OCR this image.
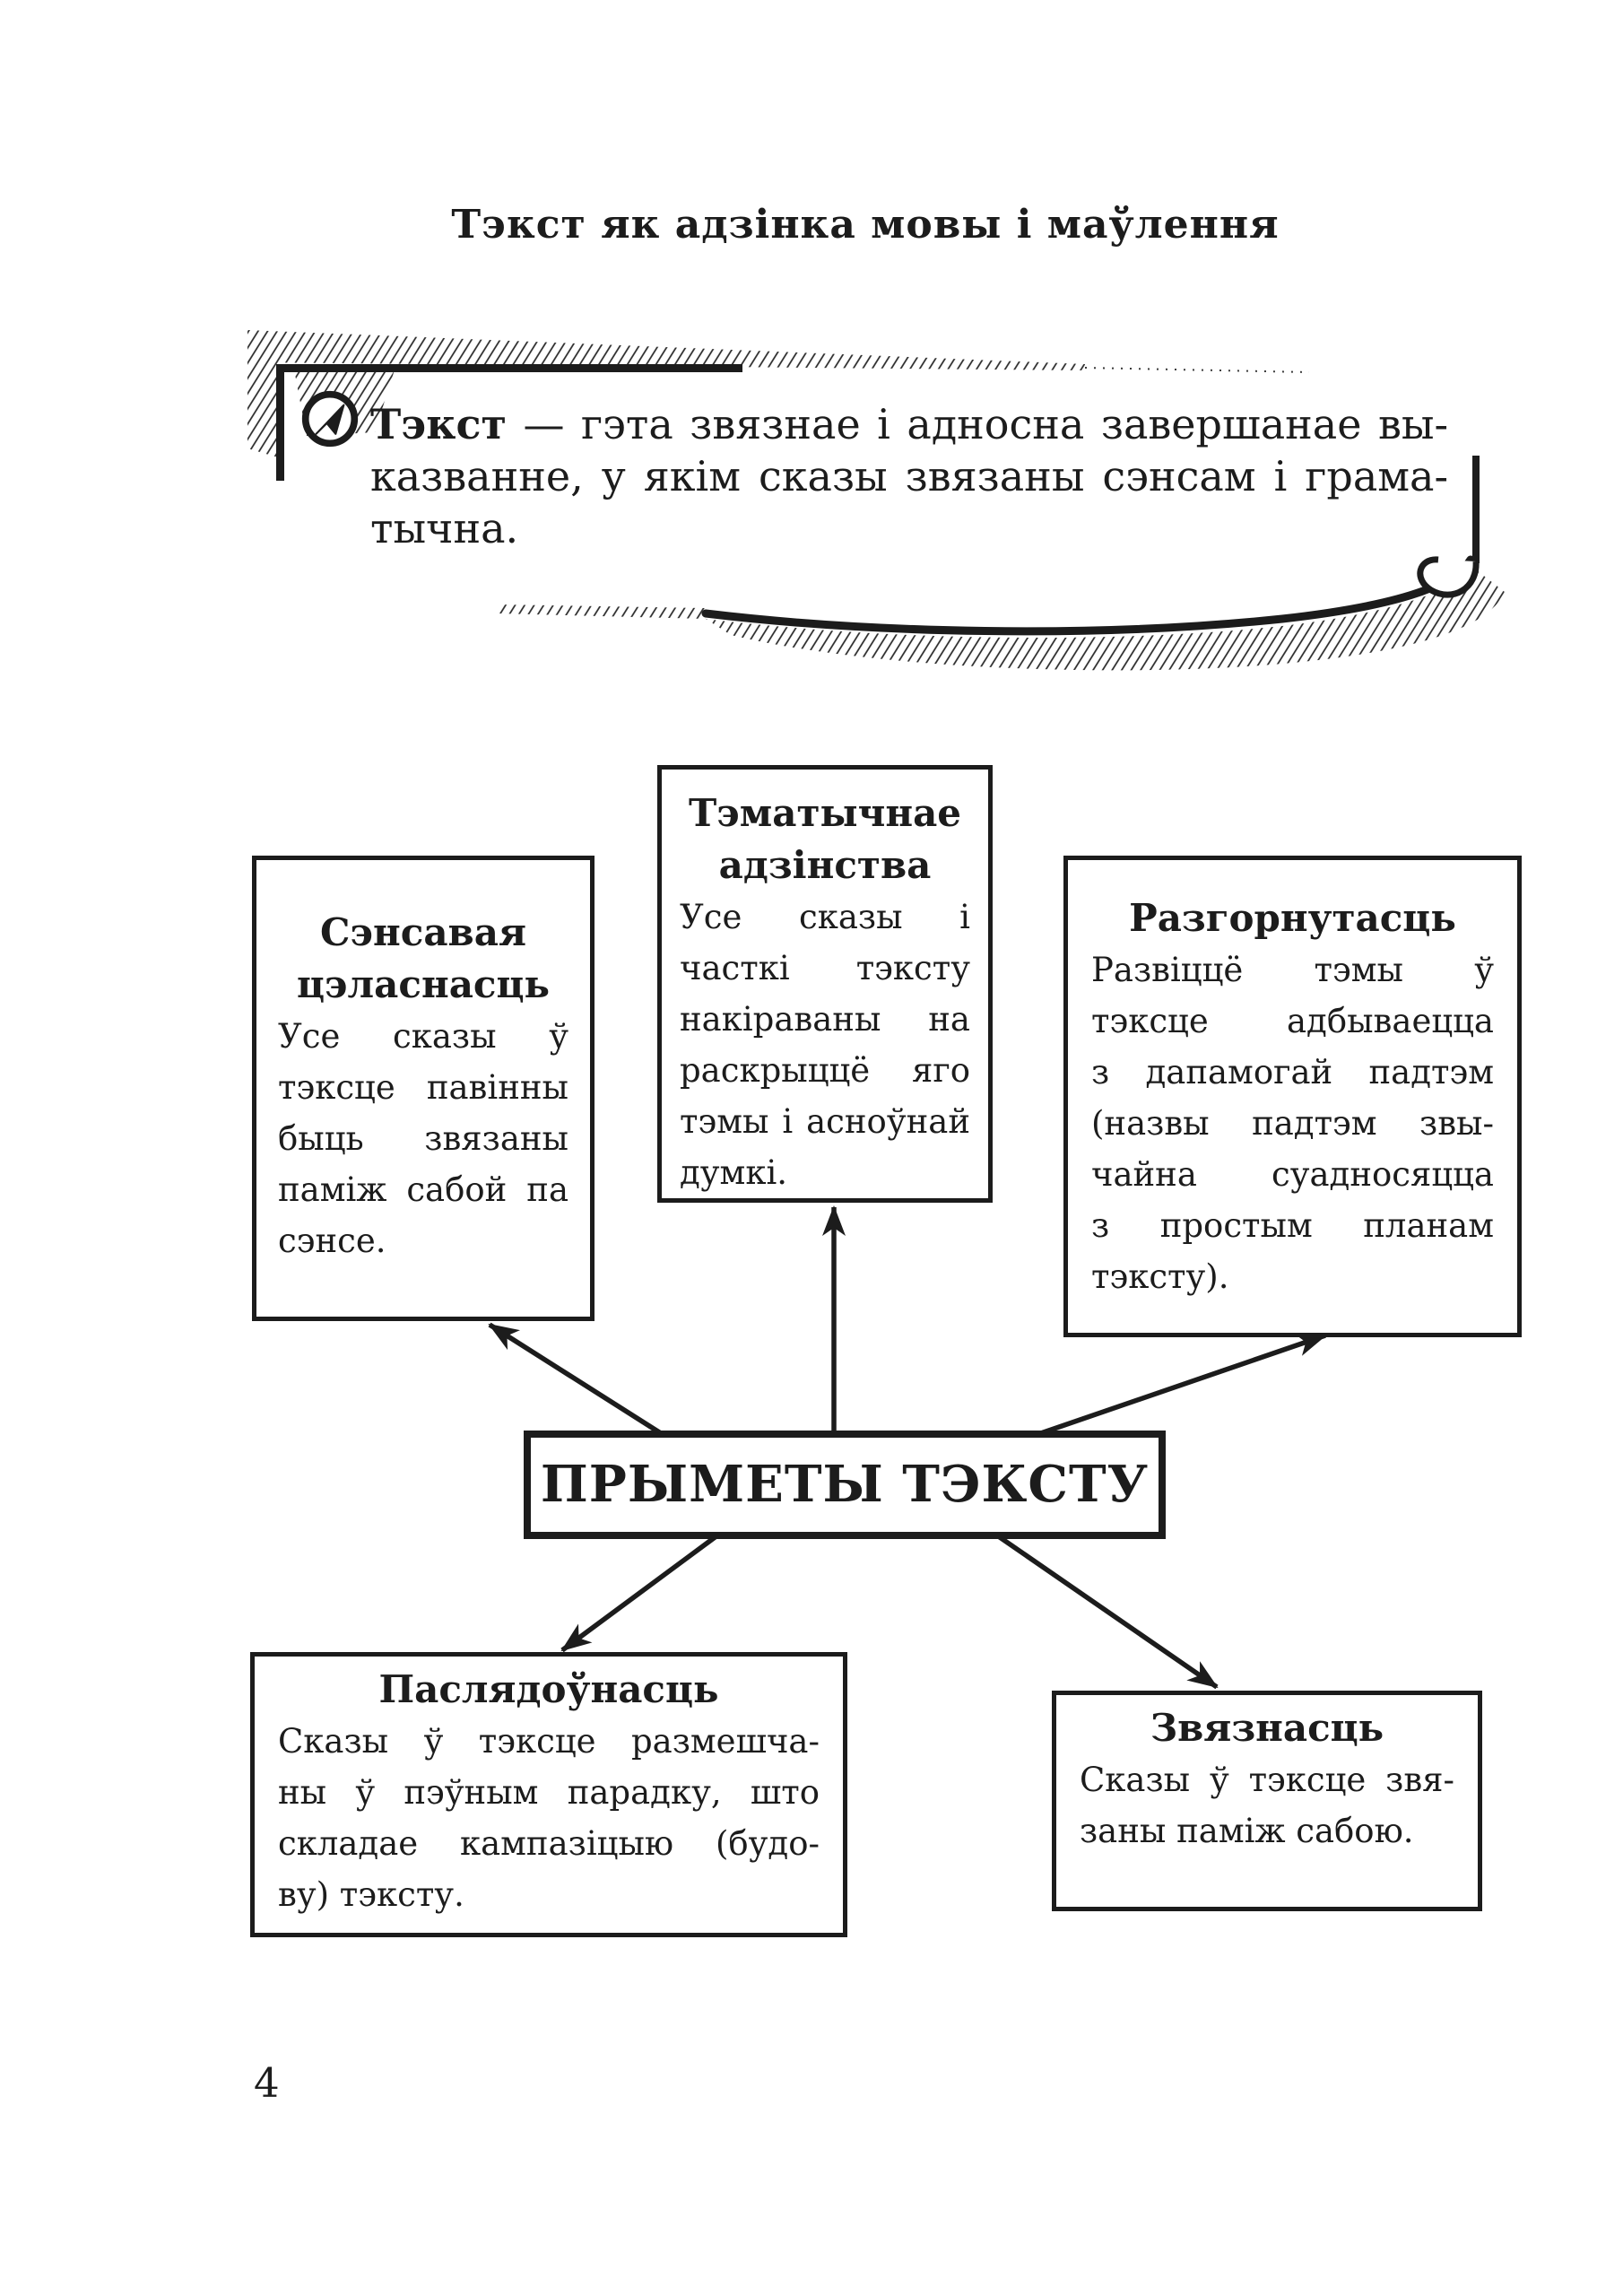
Тэкст як адзінка мовы і маўлення
Тэкст — гэта звязнае і адносна завершанае вы-
казванне, у якім сказы звязаны сэнсам і грама-
тычна.
Сэнсавая
цэласнасць
Усе сказы ў
тэксце павінны
быць звязаны
паміж сабой па
сэнсе.
Тэматычнае
адзінства
Усе сказы і
часткі тэксту
накіраваны на
раскрыццё яго
тэмы і асноўнай
думкі.
Разгорнутасць
Развіццё тэмы ў
тэксце адбываецца
з дапамогай падтэм
(назвы падтэм звы-
чайна суадносяцца
з простым планам
тэксту).
ПРЫМЕТЫ ТЭКСТУ
Паслядоўнасць
Сказы ў тэксце размешча-
ны ў пэўным парадку, што
складае кампазіцыю (будо-
ву) тэксту.
Звязнасць
Сказы ў тэксце звя-
заны паміж сабою.
4
